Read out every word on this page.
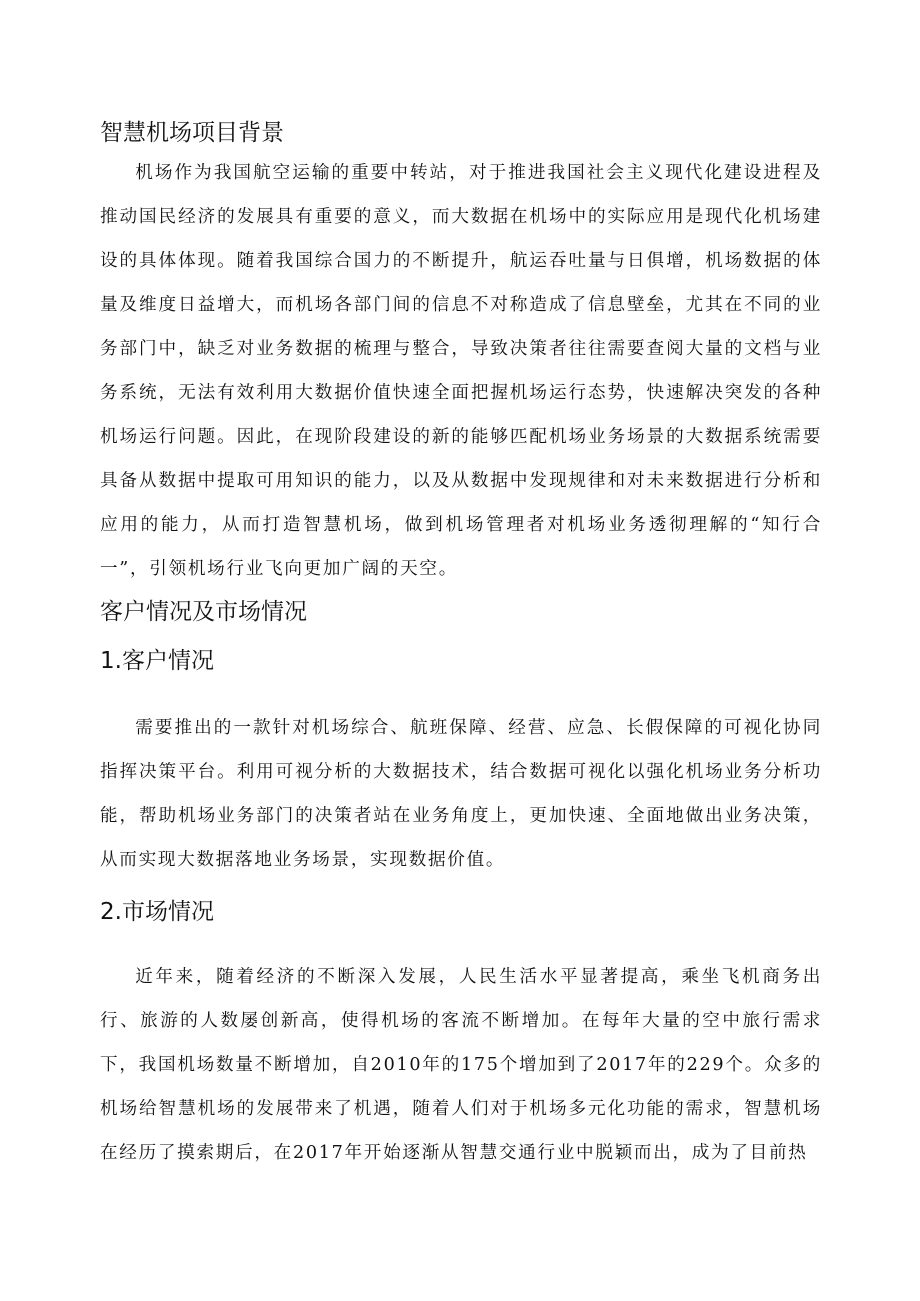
智慧机场项目背景

机场作为我国航空运输的重要中转站，对于推进我国社会主义现代化建设进程及推动国民经济的发展具有重要的意义，而大数据在机场中的实际应用是现代化机场建设的具体体现。随着我国综合国力的不断提升，航运吞吐量与日俱增，机场数据的体量及维度日益增大，而机场各部门间的信息不对称造成了信息壁垒，尤其在不同的业务部门中，缺乏对业务数据的梳理与整合，导致决策者往往需要查阅大量的文档与业务系统，无法有效利用大数据价值快速全面把握机场运行态势，快速解决突发的各种机场运行问题。因此，在现阶段建设的新的能够匹配机场业务场景的大数据系统需要具备从数据中提取可用知识的能力，以及从数据中发现规律和对未来数据进行分析和应用的能力，从而打造智慧机场，做到机场管理者对机场业务透彻理解的“知行合一”，引领机场行业飞向更加广阔的天空。

客户情况及市场情况
1.客户情况

需要推出的一款针对机场综合、航班保障、经营、应急、长假保障的可视化协同指挥决策平台。利用可视分析的大数据技术，结合数据可视化以强化机场业务分析功能，帮助机场业务部门的决策者站在业务角度上，更加快速、全面地做出业务决策，从而实现大数据落地业务场景，实现数据价值。

2.市场情况

近年来，随着经济的不断深入发展，人民生活水平显著提高，乘坐飞机商务出行、旅游的人数屡创新高，使得机场的客流不断增加。在每年大量的空中旅行需求下，我国机场数量不断增加，自2010年的175个增加到了2017年的229个。众多的机场给智慧机场的发展带来了机遇，随着人们对于机场多元化功能的需求，智慧机场在经历了摸索期后，在2017年开始逐渐从智慧交通行业中脱颖而出，成为了目前热
